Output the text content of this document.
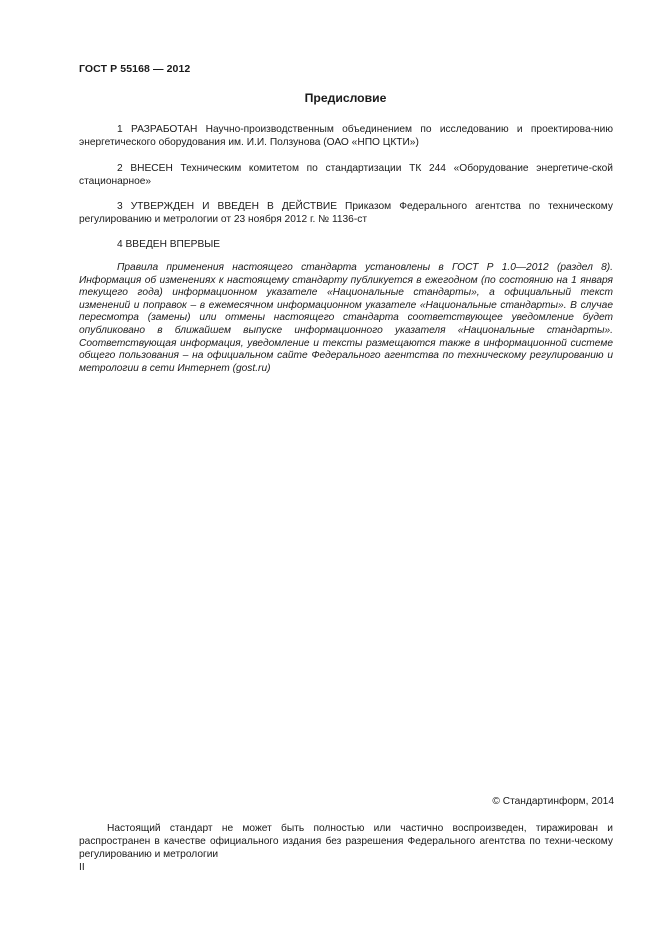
ГОСТ Р 55168 — 2012
Предисловие
1 РАЗРАБОТАН Научно-производственным объединением по исследованию и проектирова-нию энергетического оборудования им. И.И. Ползунова (ОАО «НПО ЦКТИ»)
2 ВНЕСЕН Техническим комитетом по стандартизации ТК 244 «Оборудование энергетиче-ской стационарное»
3 УТВЕРЖДЕН И ВВЕДЕН В ДЕЙСТВИЕ Приказом Федерального агентства по техническому регулированию и метрологии от 23 ноября 2012 г. № 1136-ст
4 ВВЕДЕН ВПЕРВЫЕ
Правила применения настоящего стандарта установлены в ГОСТ Р 1.0—2012 (раздел 8). Информация об изменениях к настоящему стандарту публикуется в ежегодном (по состоянию на 1 января текущего года) информационном указателе «Национальные стандарты», а официальный текст изменений и поправок – в ежемесячном информационном указателе «Национальные стандарты». В случае пересмотра (замены) или отмены настоящего стандарта соответствующее уведомление будет опубликовано в ближайшем выпуске информационного указателя «Национальные стандарты». Соответствующая информация, уведомление и тексты размещаются также в информационной системе общего пользования – на официальном сайте Федерального агентства по техническому регулированию и метрологии в сети Интернет (gost.ru)
© Стандартинформ, 2014
Настоящий стандарт не может быть полностью или частично воспроизведен, тиражирован и распространен в качестве официального издания без разрешения Федерального агентства по техни-ческому регулированию и метрологии
II
